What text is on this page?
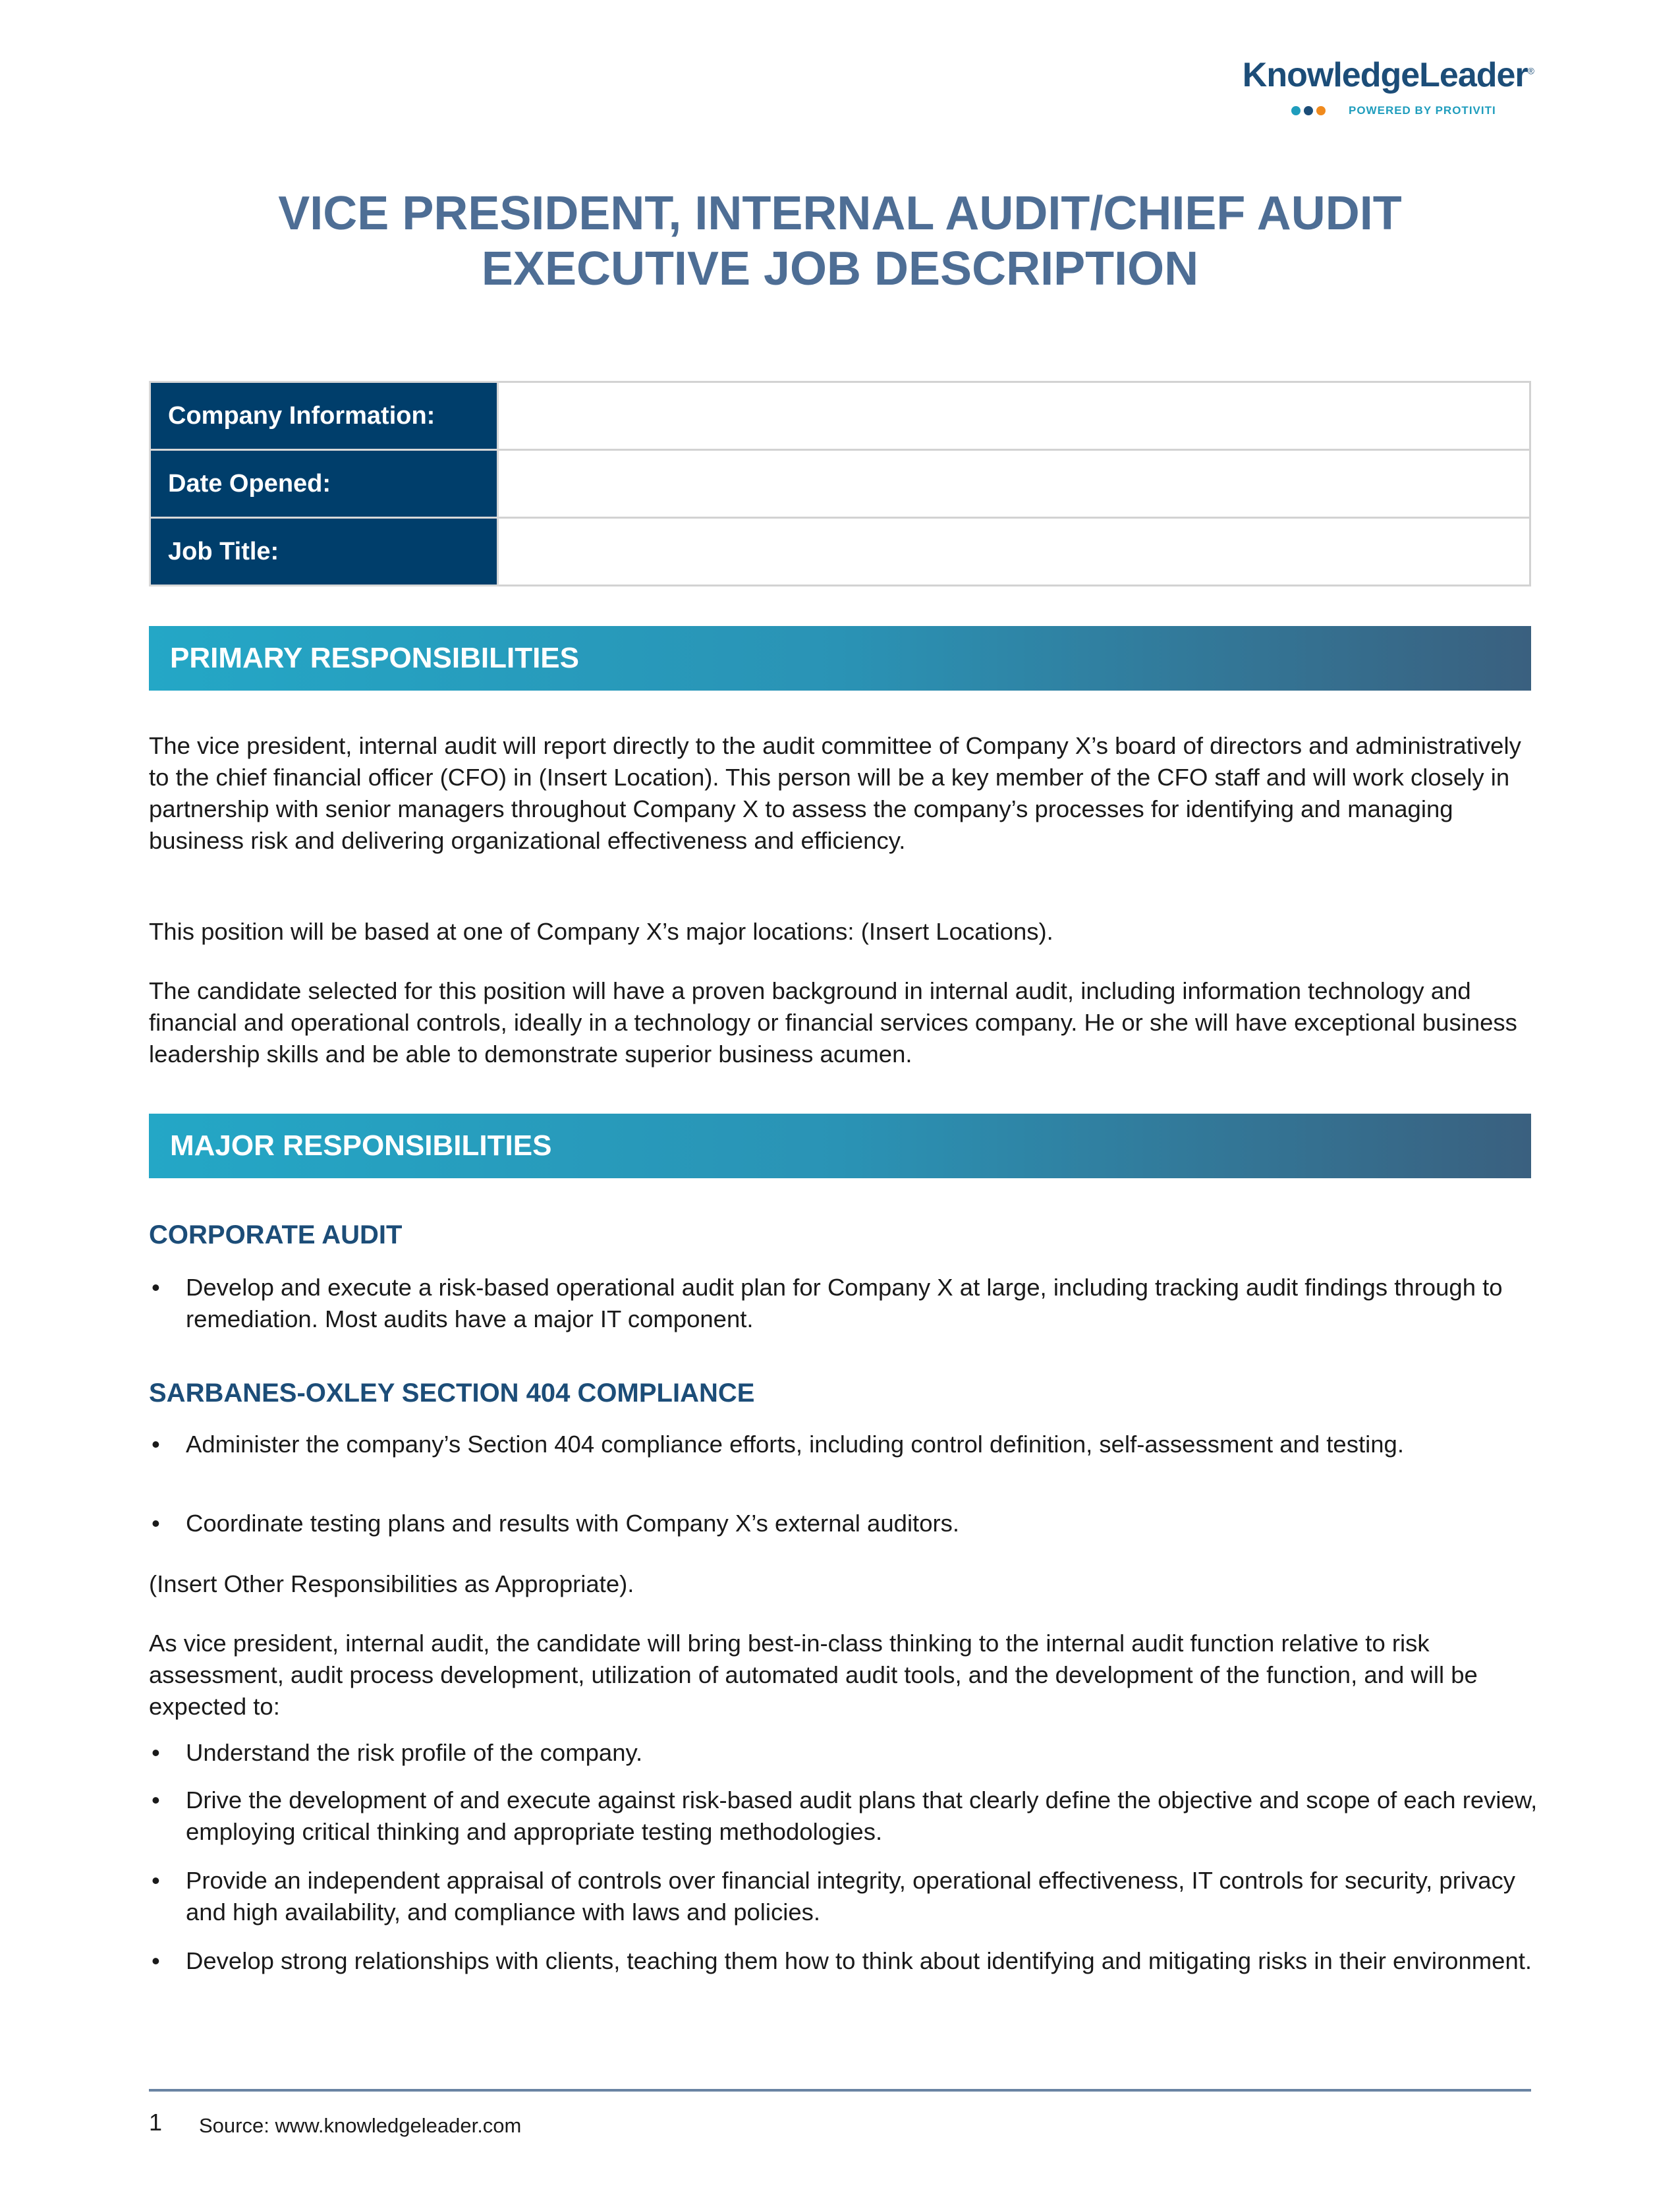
KnowledgeLeader®
POWERED BY PROTIVITI
VICE PRESIDENT, INTERNAL AUDIT/CHIEF AUDIT
EXECUTIVE JOB DESCRIPTION
Company Information:	
Date Opened:	
Job Title:	
PRIMARY RESPONSIBILITIES

The vice president, internal audit will report directly to the audit committee of Company X’s board of directors and administratively to the chief financial officer (CFO) in (Insert Location). This person will be a key member of the CFO staff and will work closely in partnership with senior managers throughout Company X to assess the company’s processes for identifying and managing business risk and delivering organizational effectiveness and efficiency.

This position will be based at one of Company X’s major locations: (Insert Locations).

The candidate selected for this position will have a proven background in internal audit, including information technology and financial and operational controls, ideally in a technology or financial services company. He or she will have exceptional business leadership skills and be able to demonstrate superior business acumen.

MAJOR RESPONSIBILITIES

CORPORATE AUDIT

• Develop and execute a risk-based operational audit plan for Company X at large, including tracking audit findings through to remediation. Most audits have a major IT component.

SARBANES-OXLEY SECTION 404 COMPLIANCE

• Administer the company’s Section 404 compliance efforts, including control definition, self-assessment and testing.

• Coordinate testing plans and results with Company X’s external auditors.

(Insert Other Responsibilities as Appropriate).

As vice president, internal audit, the candidate will bring best-in-class thinking to the internal audit function relative to risk assessment, audit process development, utilization of automated audit tools, and the development of the function, and will be expected to:

• Understand the risk profile of the company.

• Drive the development of and execute against risk-based audit plans that clearly define the objective and scope of each review, employing critical thinking and appropriate testing methodologies.

• Provide an independent appraisal of controls over financial integrity, operational effectiveness, IT controls for security, privacy and high availability, and compliance with laws and policies.

• Develop strong relationships with clients, teaching them how to think about identifying and mitigating risks in their environment.

1 Source: www.knowledgeleader.com
